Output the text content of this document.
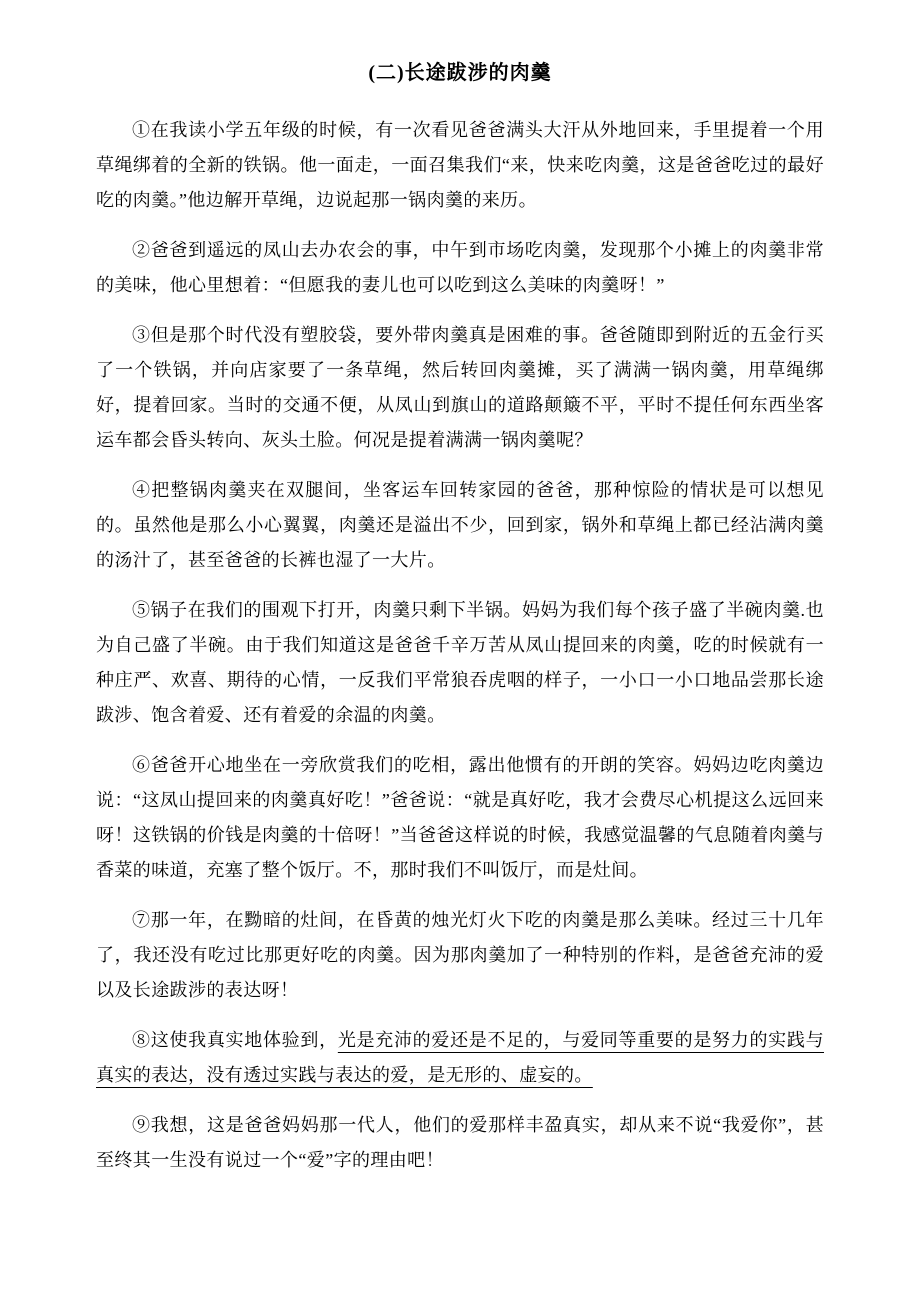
(二)长途跋涉的肉羹

①在我读小学五年级的时候，有一次看见爸爸满头大汗从外地回来，手里提着一个用草绳绑着的全新的铁锅。他一面走，一面召集我们“来，快来吃肉羹，这是爸爸吃过的最好吃的肉羹。”他边解开草绳，边说起那一锅肉羹的来历。

②爸爸到遥远的凤山去办农会的事，中午到市场吃肉羹，发现那个小摊上的肉羹非常的美味，他心里想着：“但愿我的妻儿也可以吃到这么美味的肉羹呀！”

③但是那个时代没有塑胶袋，要外带肉羹真是困难的事。爸爸随即到附近的五金行买了一个铁锅，并向店家要了一条草绳，然后转回肉羹摊，买了满满一锅肉羹，用草绳绑好，提着回家。当时的交通不便，从凤山到旗山的道路颠簸不平，平时不提任何东西坐客运车都会昏头转向、灰头土脸。何况是提着满满一锅肉羹呢？

④把整锅肉羹夹在双腿间，坐客运车回转家园的爸爸，那种惊险的情状是可以想见的。虽然他是那么小心翼翼，肉羹还是溢出不少，回到家，锅外和草绳上都已经沾满肉羹的汤汁了，甚至爸爸的长裤也湿了一大片。

⑤锅子在我们的围观下打开，肉羹只剩下半锅。妈妈为我们每个孩子盛了半碗肉羹.也为自己盛了半碗。由于我们知道这是爸爸千辛万苦从凤山提回来的肉羹，吃的时候就有一种庄严、欢喜、期待的心情，一反我们平常狼吞虎咽的样子，一小口一小口地品尝那长途跋涉、饱含着爱、还有着爱的余温的肉羹。

⑥爸爸开心地坐在一旁欣赏我们的吃相，露出他惯有的开朗的笑容。妈妈边吃肉羹边说：“这凤山提回来的肉羹真好吃！”爸爸说：“就是真好吃，我才会费尽心机提这么远回来呀！这铁锅的价钱是肉羹的十倍呀！”当爸爸这样说的时候，我感觉温馨的气息随着肉羹与香菜的味道，充塞了整个饭厅。不，那时我们不叫饭厅，而是灶间。

⑦那一年，在黝暗的灶间，在昏黄的烛光灯火下吃的肉羹是那么美味。经过三十几年了，我还没有吃过比那更好吃的肉羹。因为那肉羹加了一种特别的作料，是爸爸充沛的爱以及长途跋涉的表达呀！

⑧这使我真实地体验到，光是充沛的爱还是不足的，与爱同等重要的是努力的实践与真实的表达，没有透过实践与表达的爱，是无形的、虚妄的。

⑨我想，这是爸爸妈妈那一代人，他们的爱那样丰盈真实，却从来不说“我爱你”，甚至终其一生没有说过一个“爱”字的理由吧！
